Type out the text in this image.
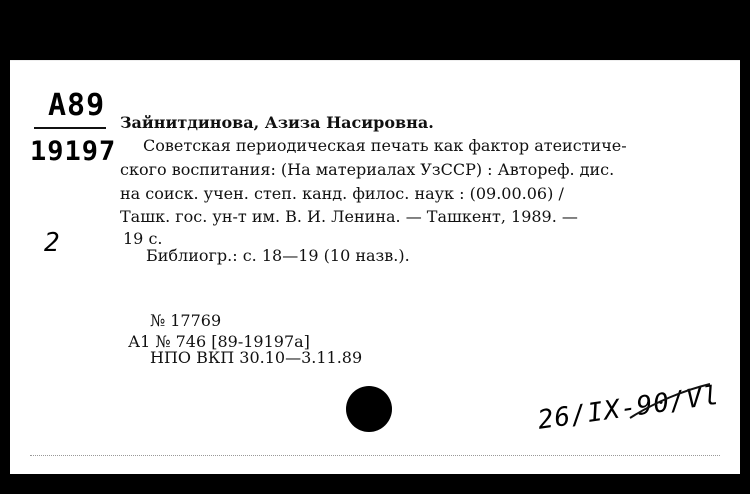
A89
19197
2
Зайнитдинова, Азиза Насировна.
Советская периодическая печать как фактор атеистиче-
ского воспитания: (На материалах УзССР) : Автореф. дис.
на соиск. учен. степ. канд. филос. наук : (09.00.06) /
Ташк. гос. ун-т им. В. И. Ленина. — Ташкент, 1989. —
19 с.
Библиогр.: с. 18—19 (10 назв.).
№ 17769
А1 № 746 [89-19197а]
НПО ВКП 30.10—3.11.89
26/IX-90/Vl
